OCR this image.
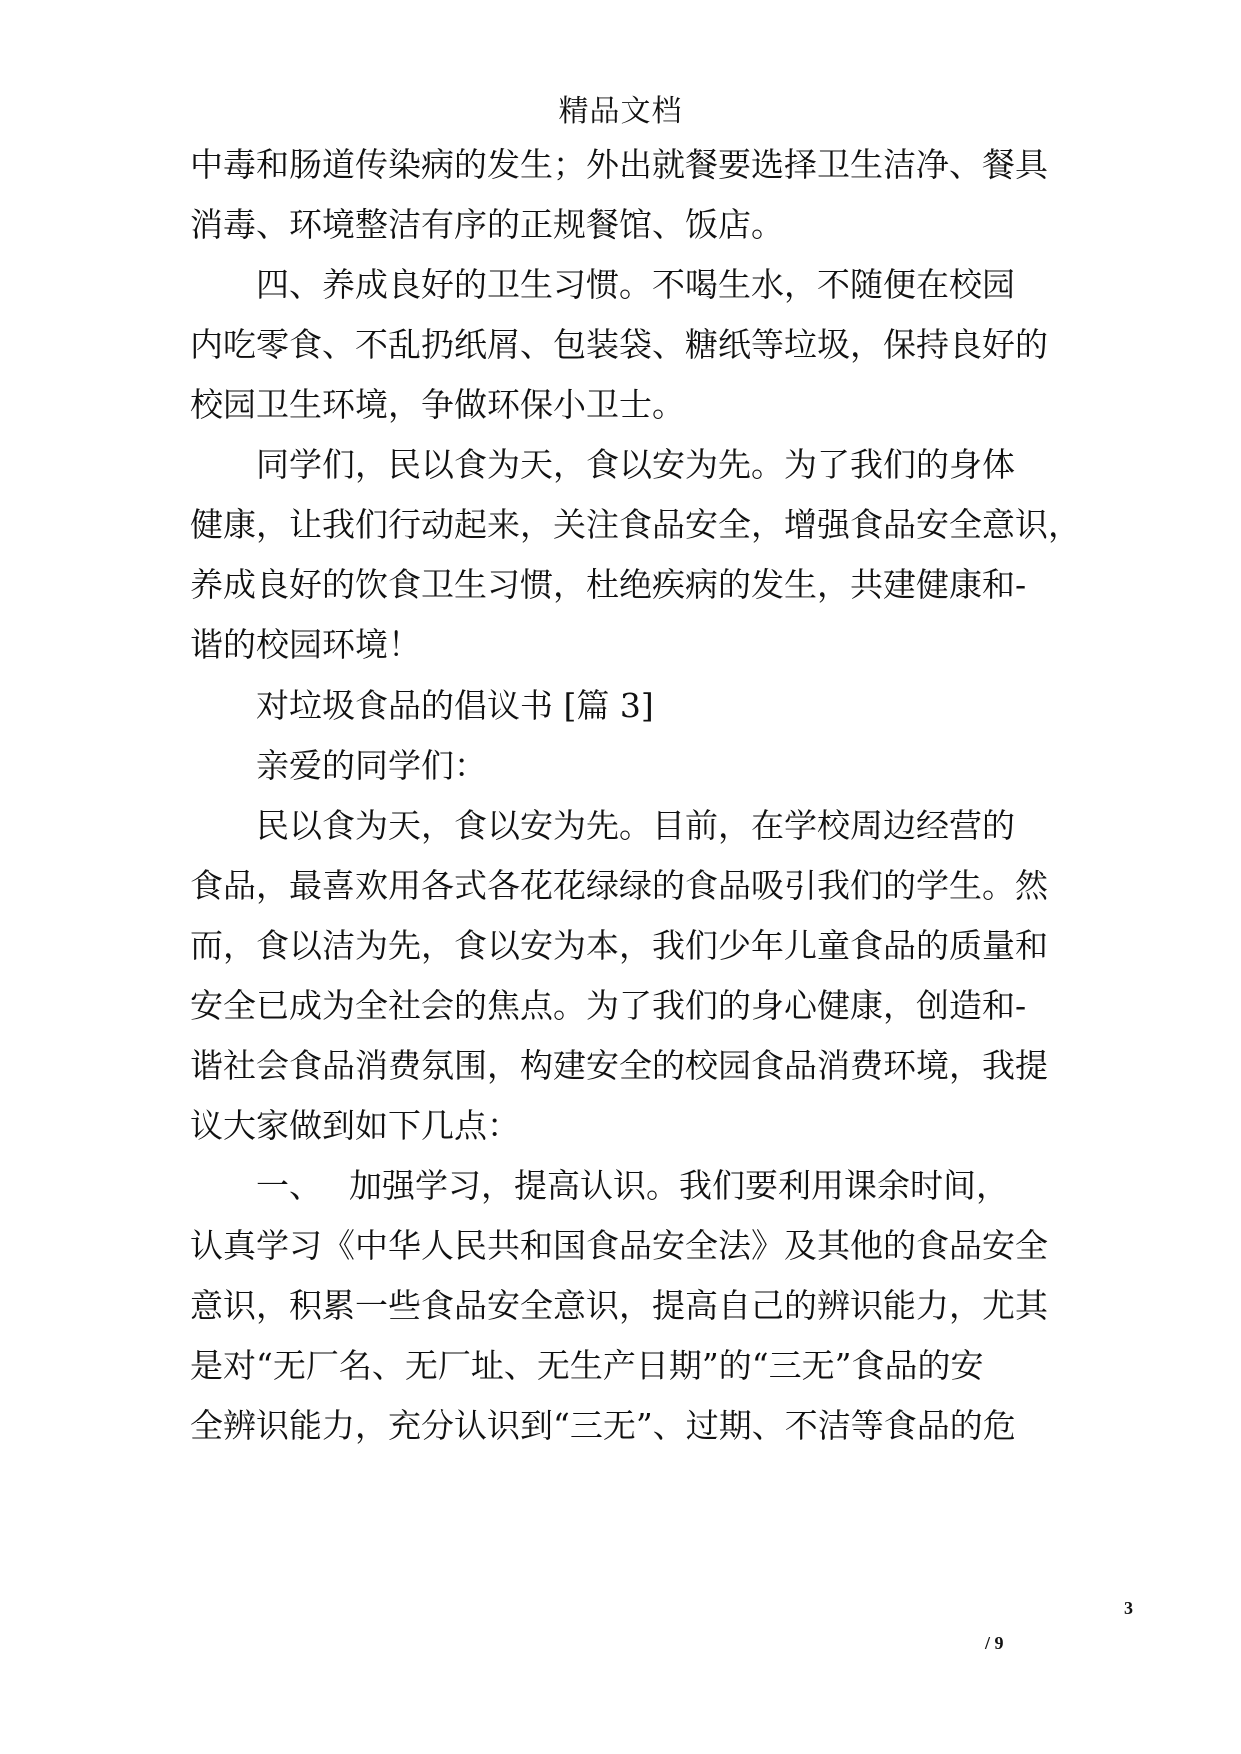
精品文档
中毒和肠道传染病的发生；外出就餐要选择卫生洁净、餐具
消毒、环境整洁有序的正规餐馆、饭店。
　　四、养成良好的卫生习惯。不喝生水，不随便在校园
内吃零食、不乱扔纸屑、包装袋、糖纸等垃圾，保持良好的
校园卫生环境，争做环保小卫士。
　　同学们，民以食为天，食以安为先。为了我们的身体
健康，让我们行动起来，关注食品安全，增强食品安全意识，
养成良好的饮食卫生习惯，杜绝疾病的发生，共建健康和-
谐的校园环境！
　　对垃圾食品的倡议书 [篇 3]
　　亲爱的同学们：
　　民以食为天，食以安为先。目前，在学校周边经营的
食品，最喜欢用各式各花花绿绿的食品吸引我们的学生。然
而，食以洁为先，食以安为本，我们少年儿童食品的质量和
安全已成为全社会的焦点。为了我们的身心健康，创造和-
谐社会食品消费氛围，构建安全的校园食品消费环境，我提
议大家做到如下几点：
　　一、　 加强学习，提高认识。我们要利用课余时间，
认真学习《中华人民共和国食品安全法》及其他的食品安全
意识，积累一些食品安全意识，提高自己的辨识能力，尤其
是对“无厂名、无厂址、无生产日期”的“三无”食品的安
全辨识能力，充分认识到“三无”、过期、不洁等食品的危
3
/ 9
